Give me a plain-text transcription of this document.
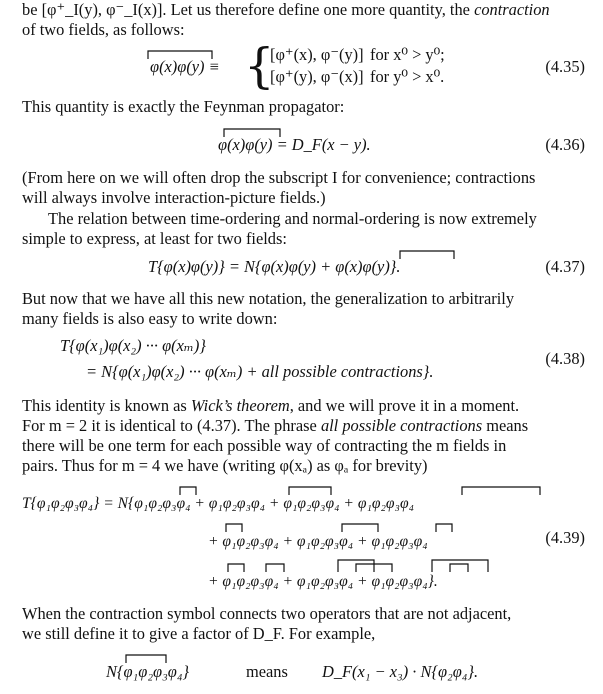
be [φ⁺_I(y), φ⁻_I(x)]. Let us therefore define one more quantity, the contraction
of two fields, as follows:
φ(x)φ(y) ≡ {
[φ⁺(x), φ⁻(y)] for x⁰ > y⁰;
[φ⁺(y), φ⁻(x)] for y⁰ > x⁰.
(4.35)
This quantity is exactly the Feynman propagator:
φ(x)φ(y) = D_F(x − y).	(4.36)
(From here on we will often drop the subscript I for convenience; contractions
will always involve interaction-picture fields.)
The relation between time-ordering and normal-ordering is now extremely
simple to express, at least for two fields:
T{φ(x)φ(y)} = N{φ(x)φ(y) + φ(x)φ(y)}.	(4.37)
But now that we have all this new notation, the generalization to arbitrarily
many fields is also easy to write down:
T{φ(x₁)φ(x₂) ··· φ(xₘ)}
= N{φ(x₁)φ(x₂) ··· φ(xₘ) + all possible contractions}.
(4.38)
This identity is known as Wick’s theorem, and we will prove it in a moment.
For m = 2 it is identical to (4.37). The phrase all possible contractions means
there will be one term for each possible way of contracting the m fields in
pairs. Thus for m = 4 we have (writing φ(xₐ) as φₐ for brevity)
T{φ₁φ₂φ₃φ₄} = N{φ₁φ₂φ₃φ₄ + φ₁φ₂φ₃φ₄ + φ₁φ₂φ₃φ₄ + φ₁φ₂φ₃φ₄
+ φ₁φ₂φ₃φ₄ + φ₁φ₂φ₃φ₄ + φ₁φ₂φ₃φ₄	(4.39)
+ φ₁φ₂φ₃φ₄ + φ₁φ₂φ₃φ₄ + φ₁φ₂φ₃φ₄}.
When the contraction symbol connects two operators that are not adjacent,
we still define it to give a factor of D_F. For example,
N{φ₁φ₂φ₃φ₄}	means D_F(x₁ − x₃) · N{φ₂φ₄}.
